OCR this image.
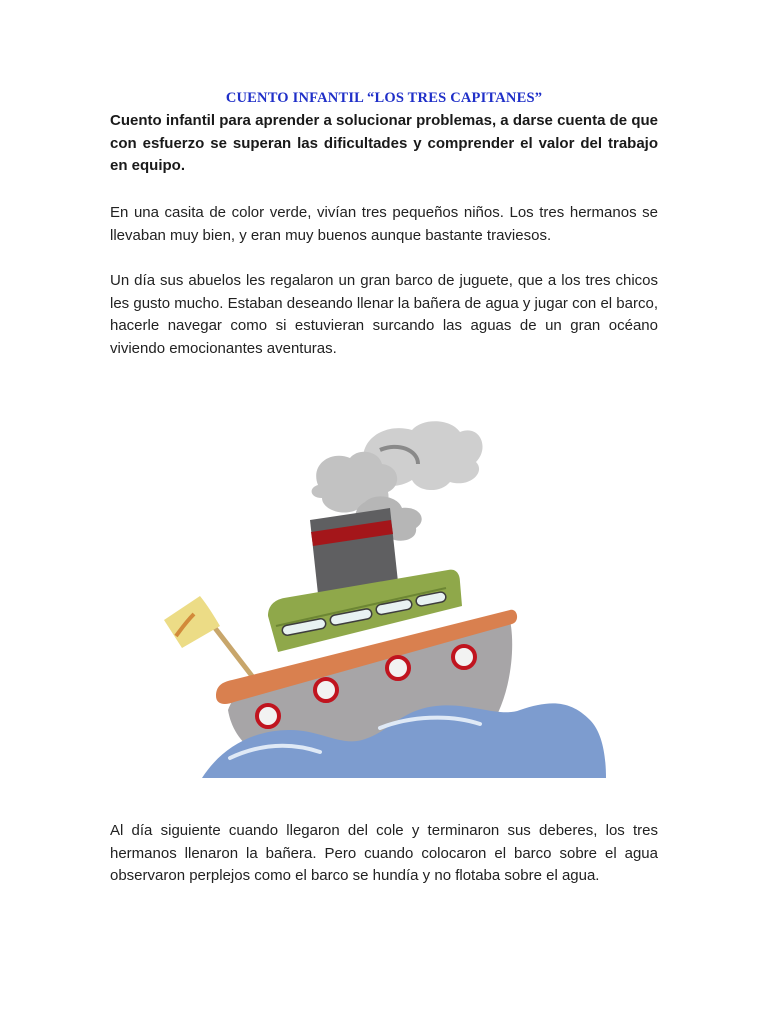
CUENTO INFANTIL “LOS TRES CAPITANES”

Cuento infantil para aprender a solucionar problemas, a darse cuenta de que con esfuerzo se superan las dificultades y comprender el valor del trabajo en equipo.

En una casita de color verde, vivían tres pequeños niños. Los tres hermanos se llevaban muy bien, y eran muy buenos aunque bastante traviesos.

Un día sus abuelos les regalaron un gran barco de juguete, que a los tres chicos les gusto mucho. Estaban deseando llenar la bañera de agua y jugar con el barco, hacerle navegar como si estuvieran surcando las aguas de un gran océano viviendo emocionantes aventuras.

Al día siguiente cuando llegaron del cole y terminaron sus deberes, los tres hermanos llenaron la bañera. Pero cuando colocaron el barco sobre el agua observaron perplejos como el barco se hundía y no flotaba sobre el agua.
